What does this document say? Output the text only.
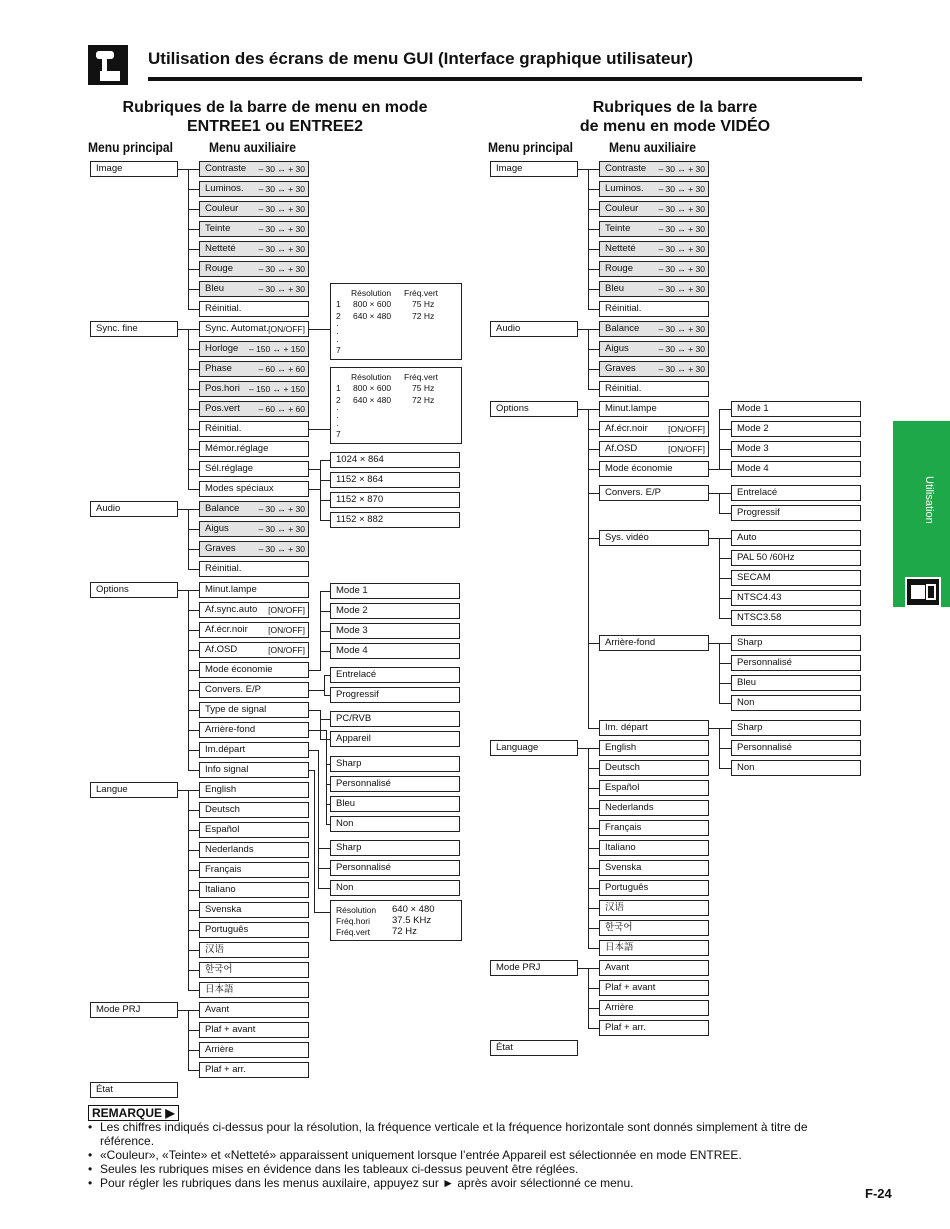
Utilisation des écrans de menu GUI (Interface graphique utilisateur)
Utilisation
Rubriques de la barre de menu en mode
ENTREE1 ou ENTREE2
Rubriques de la barre
de menu en mode VIDÉO
Menu principal	Menu auxiliaire	Menu principal	Menu auxiliaire
Image
Sync. fine
Audio
Options
Langue
Mode PRJ
État
Contraste – 30 ↔ + 30
Luminos. – 30 ↔ + 30
Couleur – 30 ↔ + 30
Teinte	– 30 ↔ + 30
Netteté	– 30 ↔ + 30
Rouge	– 30 ↔ + 30
Bleu	– 30 ↔ + 30
Réinitial.
Sync. Automat. [ON/OFF]
Horloge – 150 ↔ + 150
Phase	– 60 ↔ + 60
Pos.hori – 150 ↔ + 150
Pos.vert – 60 ↔ + 60
Réinitial.
Mémor.réglage
Sél.réglage
Modes spéciaux
Balance – 30 ↔ + 30
Aigus	– 30 ↔ + 30
Graves	– 30 ↔ + 30
Réinitial.
Minut.lampe
Af.sync.auto [ON/OFF]
Af.écr.noir [ON/OFF]
Af.OSD	[ON/OFF]
Mode économie
Convers. E/P
Type de signal
Arrière-fond
Im.départ
Info signal
English
Deutsch
Español
Nederlands
Français
Italiano
Svenska
Português
汉语
한국어
日本語
Avant
Plaf + avant
Arrière
Plaf + arr.
1024 × 864
1152 × 864
1152 × 870
1152 × 882
Mode 1
Mode 2
Mode 3
Mode 4
Entrelacé
Progressif
PC/RVB
Appareil
Sharp
Personnalisé
Bleu
Non
Sharp
Personnalisé
Non
Image
Audio
Options
Language
Mode PRJ
État
Contraste – 30 ↔ + 30
Luminos. – 30 ↔ + 30
Couleur – 30 ↔ + 30
Teinte	– 30 ↔ + 30
Netteté	– 30 ↔ + 30
Rouge	– 30 ↔ + 30
Bleu	– 30 ↔ + 30
Réinitial.
Balance – 30 ↔ + 30
Aigus	– 30 ↔ + 30
Graves	– 30 ↔ + 30
Réinitial.
Minut.lampe
Af.écr.noir [ON/OFF]
Af.OSD	[ON/OFF]
Mode économie
Convers. E/P
Sys. vidéo
Arrière-fond
Im. départ
English
Deutsch
Español
Nederlands
Français
Italiano
Svenska
Português
汉语
한국어
日本語
Avant
Plaf + avant
Arrière
Plaf + arr.
Mode 1
Mode 2
Mode 3
Mode 4
Entrelacé
Progressif
Auto
PAL 50 /60Hz
SECAM
NTSC4.43
NTSC3.58
Sharp
Personnalisé
Bleu
Non
Sharp
Personnalisé
Non
Résolution Fréq.vert
1 800 × 600 75 Hz
2 640 × 480 72 Hz
·
·
·
7
Résolution Fréq.vert
1 800 × 600 75 Hz
2 640 × 480 72 Hz
·
·
·
7
Résolution 640 × 480
Fréq.hori 37.5 KHz
Fréq.vert 72 Hz
REMARQUE ▶
• Les chiffres indiqués ci-dessus pour la résolution, la fréquence verticale et la fréquence horizontale sont donnés simplement à titre de référence.
• «Couleur», «Teinte» et «Netteté» apparaissent uniquement lorsque l’entrée Appareil est sélectionnée en mode ENTREE.
• Seules les rubriques mises en évidence dans les tableaux ci-dessus peuvent être réglées.
• Pour régler les rubriques dans les menus auxilaire, appuyez sur ► après avoir sélectionné ce menu.
F-24
